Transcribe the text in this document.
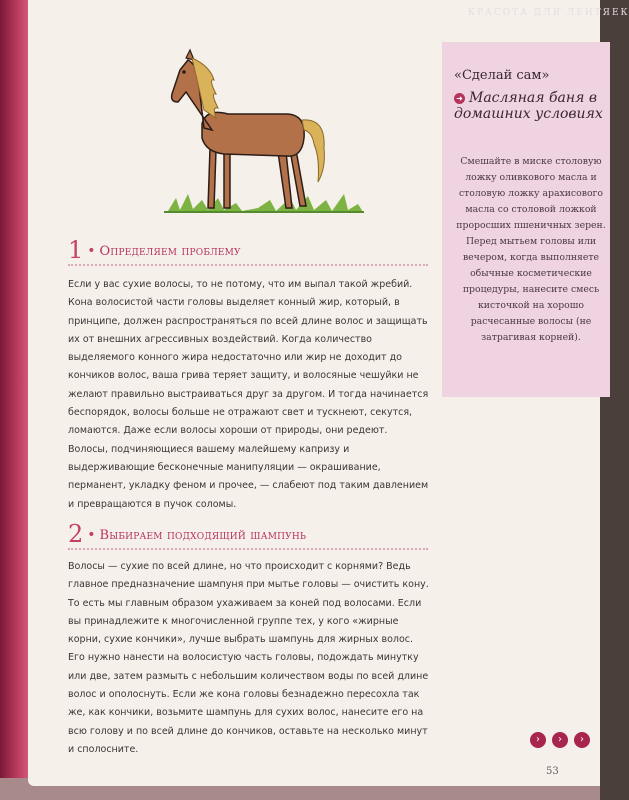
КРАСОТА ДЛЯ ЛЕНТЯЕК
«Сделай сам»
➜ Масляная баня в домашних условиях
Смешайте в миске столовую ложку оливкового масла и столовую ложку арахисового масла со столовой ложкой проросших пшеничных зерен. Перед мытьем головы или вечером, когда выполняете обычные косметические процедуры, нанесите смесь кисточкой на хорошо расчесанные волосы (не затрагивая корней).
1 • Определяем проблему
Если у вас сухие волосы, то не потому, что им выпал такой жребий. Кона волосистой части головы выделяет конный жир, который, в принципе, должен распространяться по всей длине волос и защищать их от внешних агрессивных воздействий. Когда количество выделяемого конного жира недостаточно или жир не доходит до кончиков волос, ваша грива теряет защиту, и волосяные чешуйки не желают правильно выстраиваться друг за другом. И тогда начинается беспорядок, волосы больше не отражают свет и тускнеют, секутся, ломаются. Даже если волосы хороши от природы, они редеют. Волосы, подчиняющиеся вашему малейшему капризу и выдерживающие бесконечные манипуляции — окрашивание, перманент, укладку феном и прочее, — слабеют под таким давлением и превращаются в пучок соломы.
2 • Выбираем подходящий шампунь
Волосы — сухие по всей длине, но что происходит с корнями? Ведь главное предназначение шампуня при мытье головы — очистить кону. То есть мы главным образом ухаживаем за коней под волосами. Если вы принадлежите к многочисленной группе тех, у кого «жирные корни, сухие кончики», лучше выбрать шампунь для жирных волос. Его нужно нанести на волосистую часть головы, подождать минутку или две, затем размыть с небольшим количеством воды по всей длине волос и ополоснуть. Если же кона головы безнадежно пересохла так же, как кончики, возьмите шампунь для сухих волос, нанесите его на всю голову и по всей длине до кончиков, оставьте на несколько минут и сполосните.
›	›	›
53
